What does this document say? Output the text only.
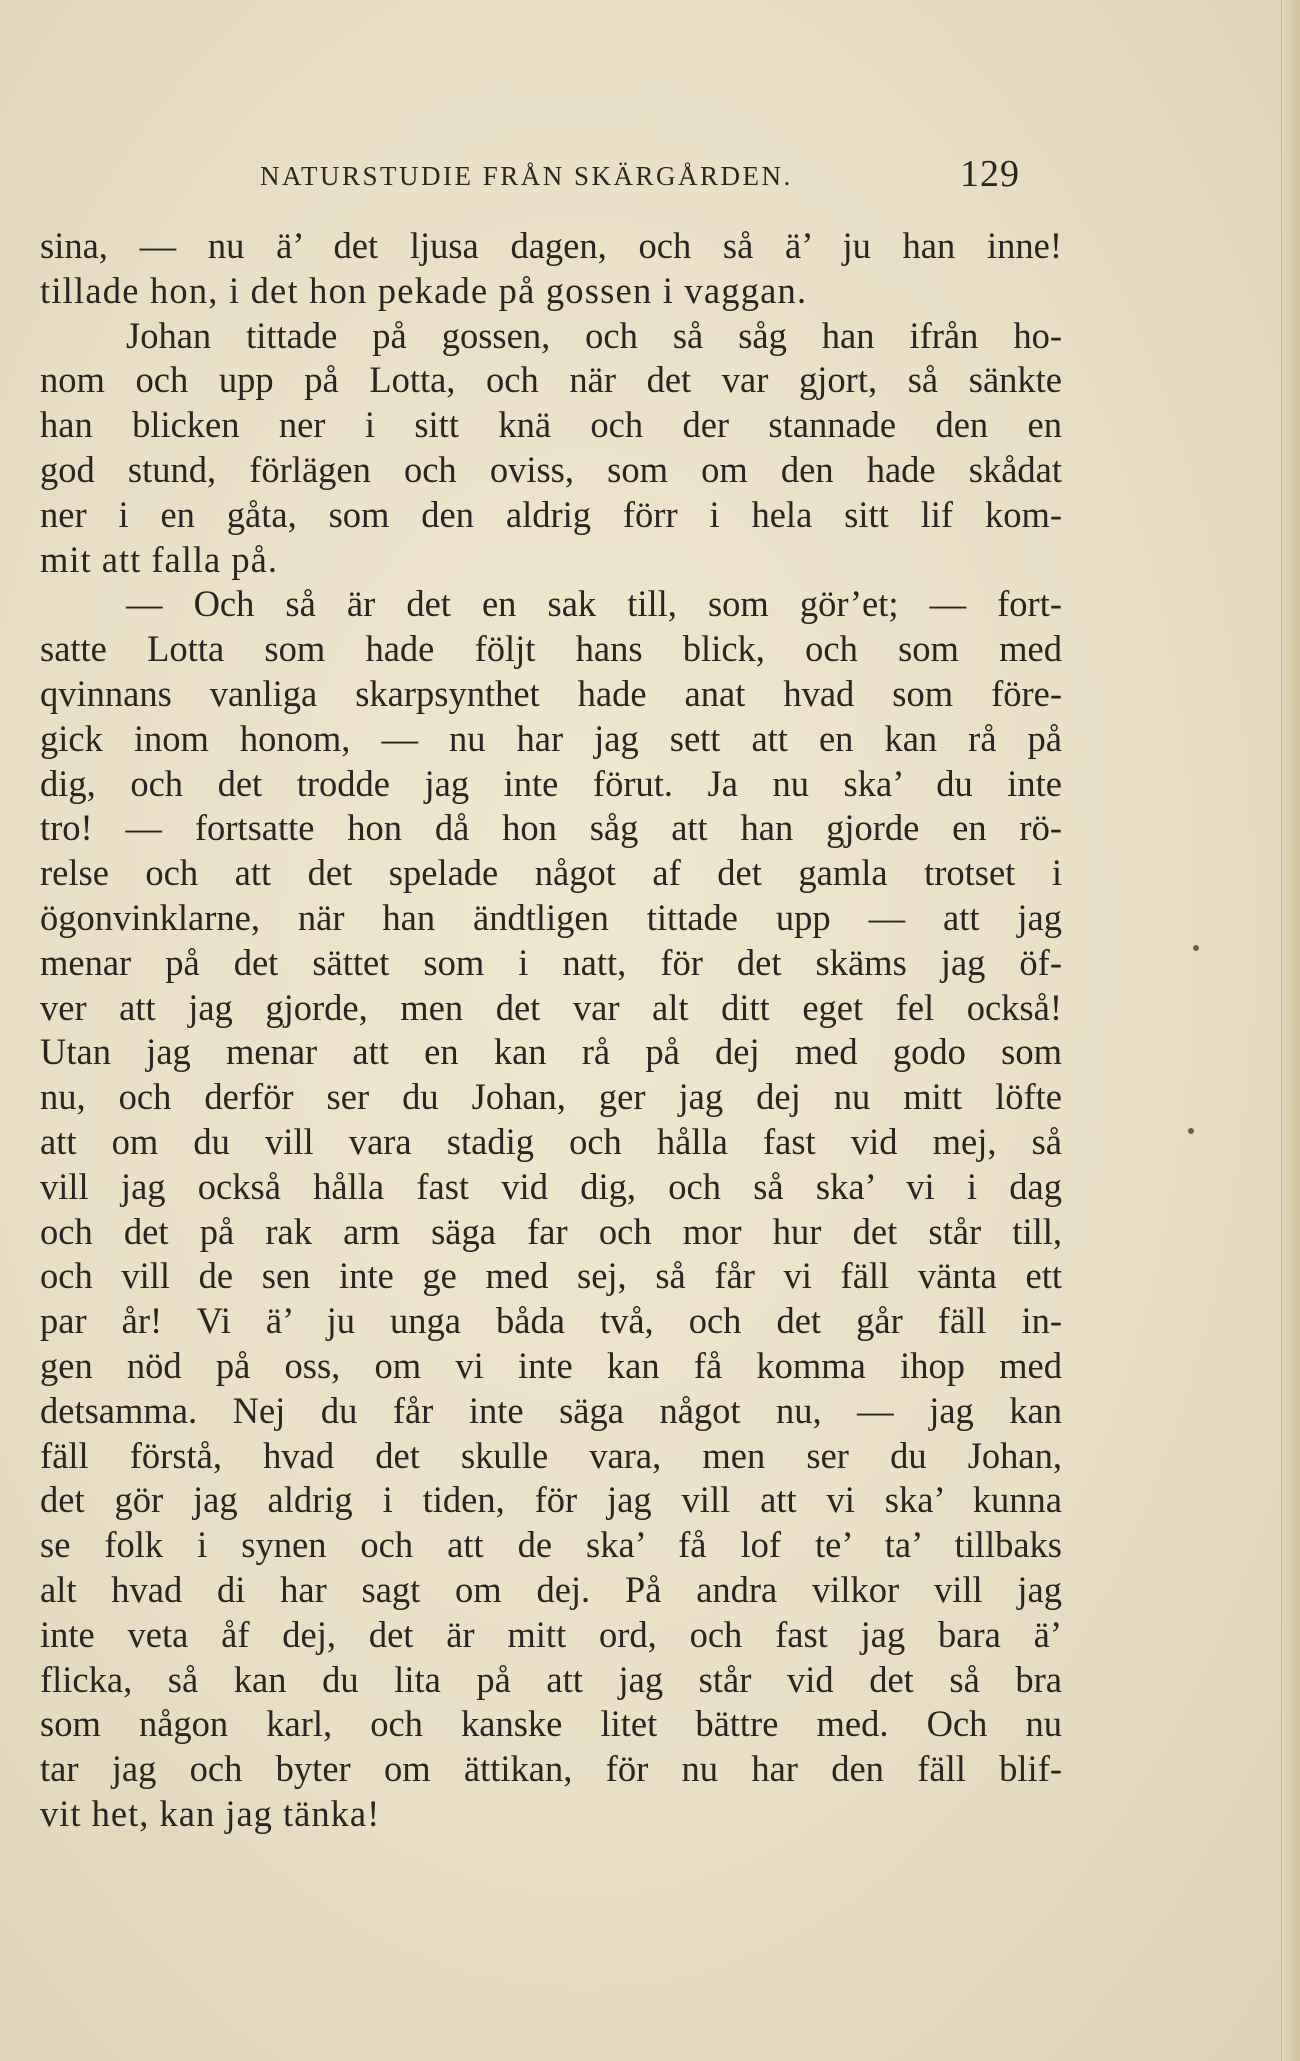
NATURSTUDIE FRÅN SKÄRGÅRDEN.	129
sina, — nu ä’ det ljusa dagen, och så ä’ ju han inne!
tillade hon, i det hon pekade på gossen i vaggan.
Johan tittade på gossen, och så såg han ifrån ho-
nom och upp på Lotta, och när det var gjort, så sänkte
han blicken ner i sitt knä och der stannade den en
god stund, förlägen och oviss, som om den hade skådat
ner i en gåta, som den aldrig förr i hela sitt lif kom-
mit att falla på.
— Och så är det en sak till, som gör’et; — fort-
satte Lotta som hade följt hans blick, och som med
qvinnans vanliga skarpsynthet hade anat hvad som före-
gick inom honom, — nu har jag sett att en kan rå på
dig, och det trodde jag inte förut. Ja nu ska’ du inte
tro! — fortsatte hon då hon såg att han gjorde en rö-
relse och att det spelade något af det gamla trotset i
ögonvinklarne, när han ändtligen tittade upp — att jag
menar på det sättet som i natt, för det skäms jag öf-
ver att jag gjorde, men det var alt ditt eget fel också!
Utan jag menar att en kan rå på dej med godo som
nu, och derför ser du Johan, ger jag dej nu mitt löfte
att om du vill vara stadig och hålla fast vid mej, så
vill jag också hålla fast vid dig, och så ska’ vi i dag
och det på rak arm säga far och mor hur det står till,
och vill de sen inte ge med sej, så får vi fäll vänta ett
par år! Vi ä’ ju unga båda två, och det går fäll in-
gen nöd på oss, om vi inte kan få komma ihop med
detsamma. Nej du får inte säga något nu, — jag kan
fäll förstå, hvad det skulle vara, men ser du Johan,
det gör jag aldrig i tiden, för jag vill att vi ska’ kunna
se folk i synen och att de ska’ få lof te’ ta’ tillbaks
alt hvad di har sagt om dej. På andra vilkor vill jag
inte veta åf dej, det är mitt ord, och fast jag bara ä’
flicka, så kan du lita på att jag står vid det så bra
som någon karl, och kanske litet bättre med. Och nu
tar jag och byter om ättikan, för nu har den fäll blif-
vit het, kan jag tänka!
